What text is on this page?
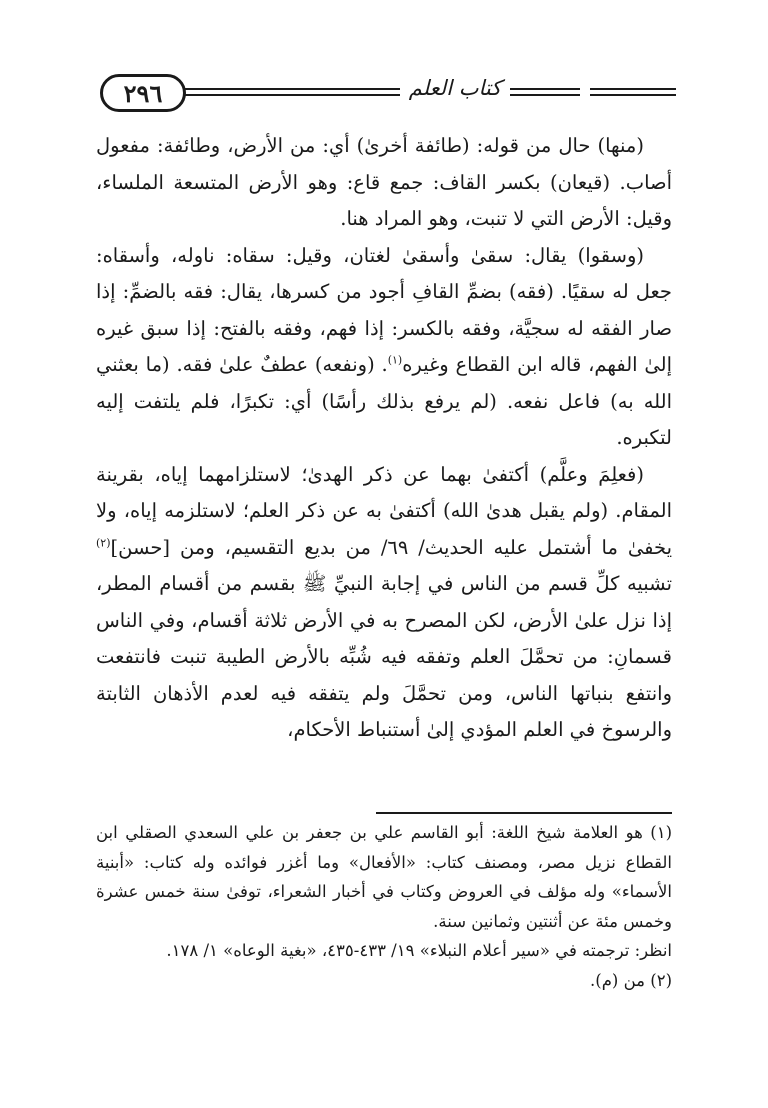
٢٩٦	كتاب العلم

(منها) حال من قوله: (طائفة أخرىٰ) أي: من الأرض، وطائفة: مفعول أصاب. (قيعان) بكسر القاف: جمع قاع: وهو الأرض المتسعة الملساء، وقيل: الأرض التي لا تنبت، وهو المراد هنا.

(وسقوا) يقال: سقىٰ وأسقىٰ لغتان، وقيل: سقاه: ناوله، وأسقاه: جعل له سقيًا. (فقه) بضمِّ القافِ أجود من كسرها، يقال: فقه بالضمِّ: إذا صار الفقه له سجيَّة، وفقه بالكسر: إذا فهم، وفقه بالفتح: إذا سبق غيره إلىٰ الفهم، قاله ابن القطاع وغيره$^{(١)}$. (ونفعه) عطفٌ علىٰ فقه. (ما بعثني الله به) فاعل نفعه. (لم يرفع بذلك رأسًا) أي: تكبرًا، فلم يلتفت إليه لتكبره.

(فعلِمَ وعلَّم) أكتفىٰ بهما عن ذكر الهدىٰ؛ لاستلزامهما إياه، بقرينة المقام. (ولم يقبل هدىٰ الله) أكتفىٰ به عن ذكر العلم؛ لاستلزمه إياه، ولا يخفىٰ ما أشتمل عليه الحديث/ ٦٩/ من بديع التقسيم، ومن [حسن]$^{(٢)}$ تشبيه كلِّ قسم من الناس في إجابة النبيِّ ﷺ بقسم من أقسام المطر، إذا نزل علىٰ الأرض، لكن المصرح به في الأرض ثلاثة أقسام، وفي الناس قسمانِ: من تحمَّلَ العلم وتفقه فيه شُبِّه بالأرض الطيبة تنبت فانتفعت وانتفع بنباتها الناس، ومن تحمَّلَ ولم يتفقه فيه لعدم الأذهان الثابتة والرسوخ في العلم المؤدي إلىٰ أستنباط الأحكام،

(١) هو العلامة شيخ اللغة: أبو القاسم علي بن جعفر بن علي السعدي الصقلي ابن القطاع نزيل مصر، ومصنف كتاب: «الأفعال» وما أغزر فوائده وله كتاب: «أبنية الأسماء» وله مؤلف في العروض وكتاب في أخبار الشعراء، توفىٰ سنة خمس عشرة وخمس مئة عن أثنتين وثمانين سنة.

انظر: ترجمته في «سير أعلام النبلاء» ١٩/ ٤٣٣-٤٣٥، «بغية الوعاه» ١/ ١٧٨.

(٢) من (م).
